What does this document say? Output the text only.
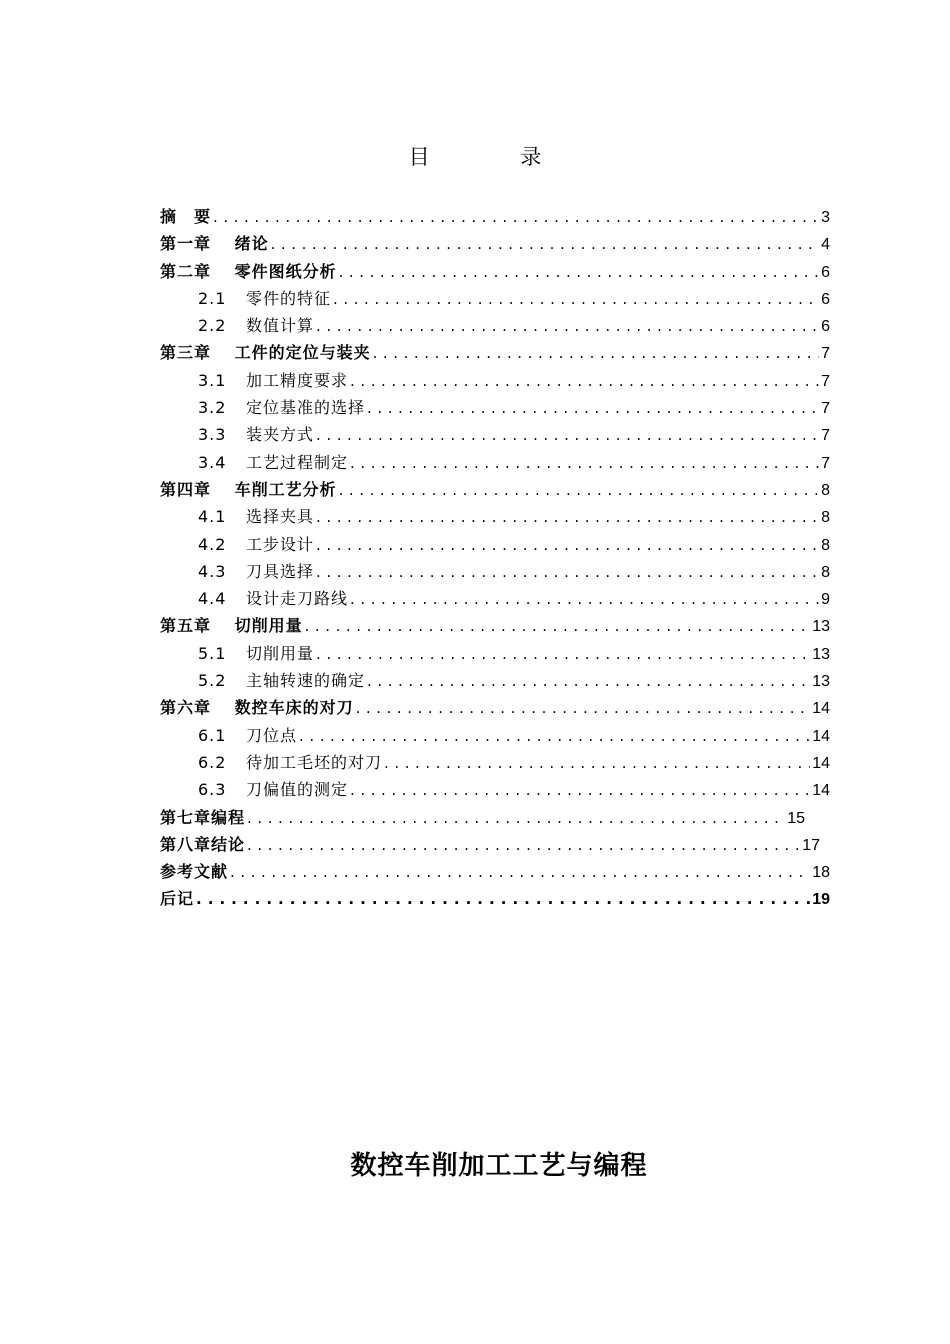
目 录
摘　要 . . .	3
第一章　 绪论 . . .	4
第二章　 零件图纸分析 . . .	6
2.1	零件的特征 . . .	6
2.2	数值计算 . . .	6
第三章　 工件的定位与装夹 . . .	7
3.1	加工精度要求 . . .	7
3.2	定位基准的选择 . . .	7
3.3	装夹方式 . . .	7
3.4	工艺过程制定 . . .	7
第四章　 车削工艺分析 . . .	8
4.1	选择夹具 . . .	8
4.2	工步设计 . . .	8
4.3	刀具选择 . . .	8
4.4	设计走刀路线 . . .	9
第五章　 切削用量 . . .	13
5.1	切削用量 . . .	13
5.2	主轴转速的确定 . . .	13
第六章　 数控车床的对刀 . . .	14
6.1	刀位点 . . .	14
6.2	待加工毛坯的对刀 . . .	14
6.3	刀偏值的测定 . . .	14
第七章编程 . . .	15
第八章结论 . . .	17
参考文献 . . .	18
后记 . . .	19
数控车削加工工艺与编程
